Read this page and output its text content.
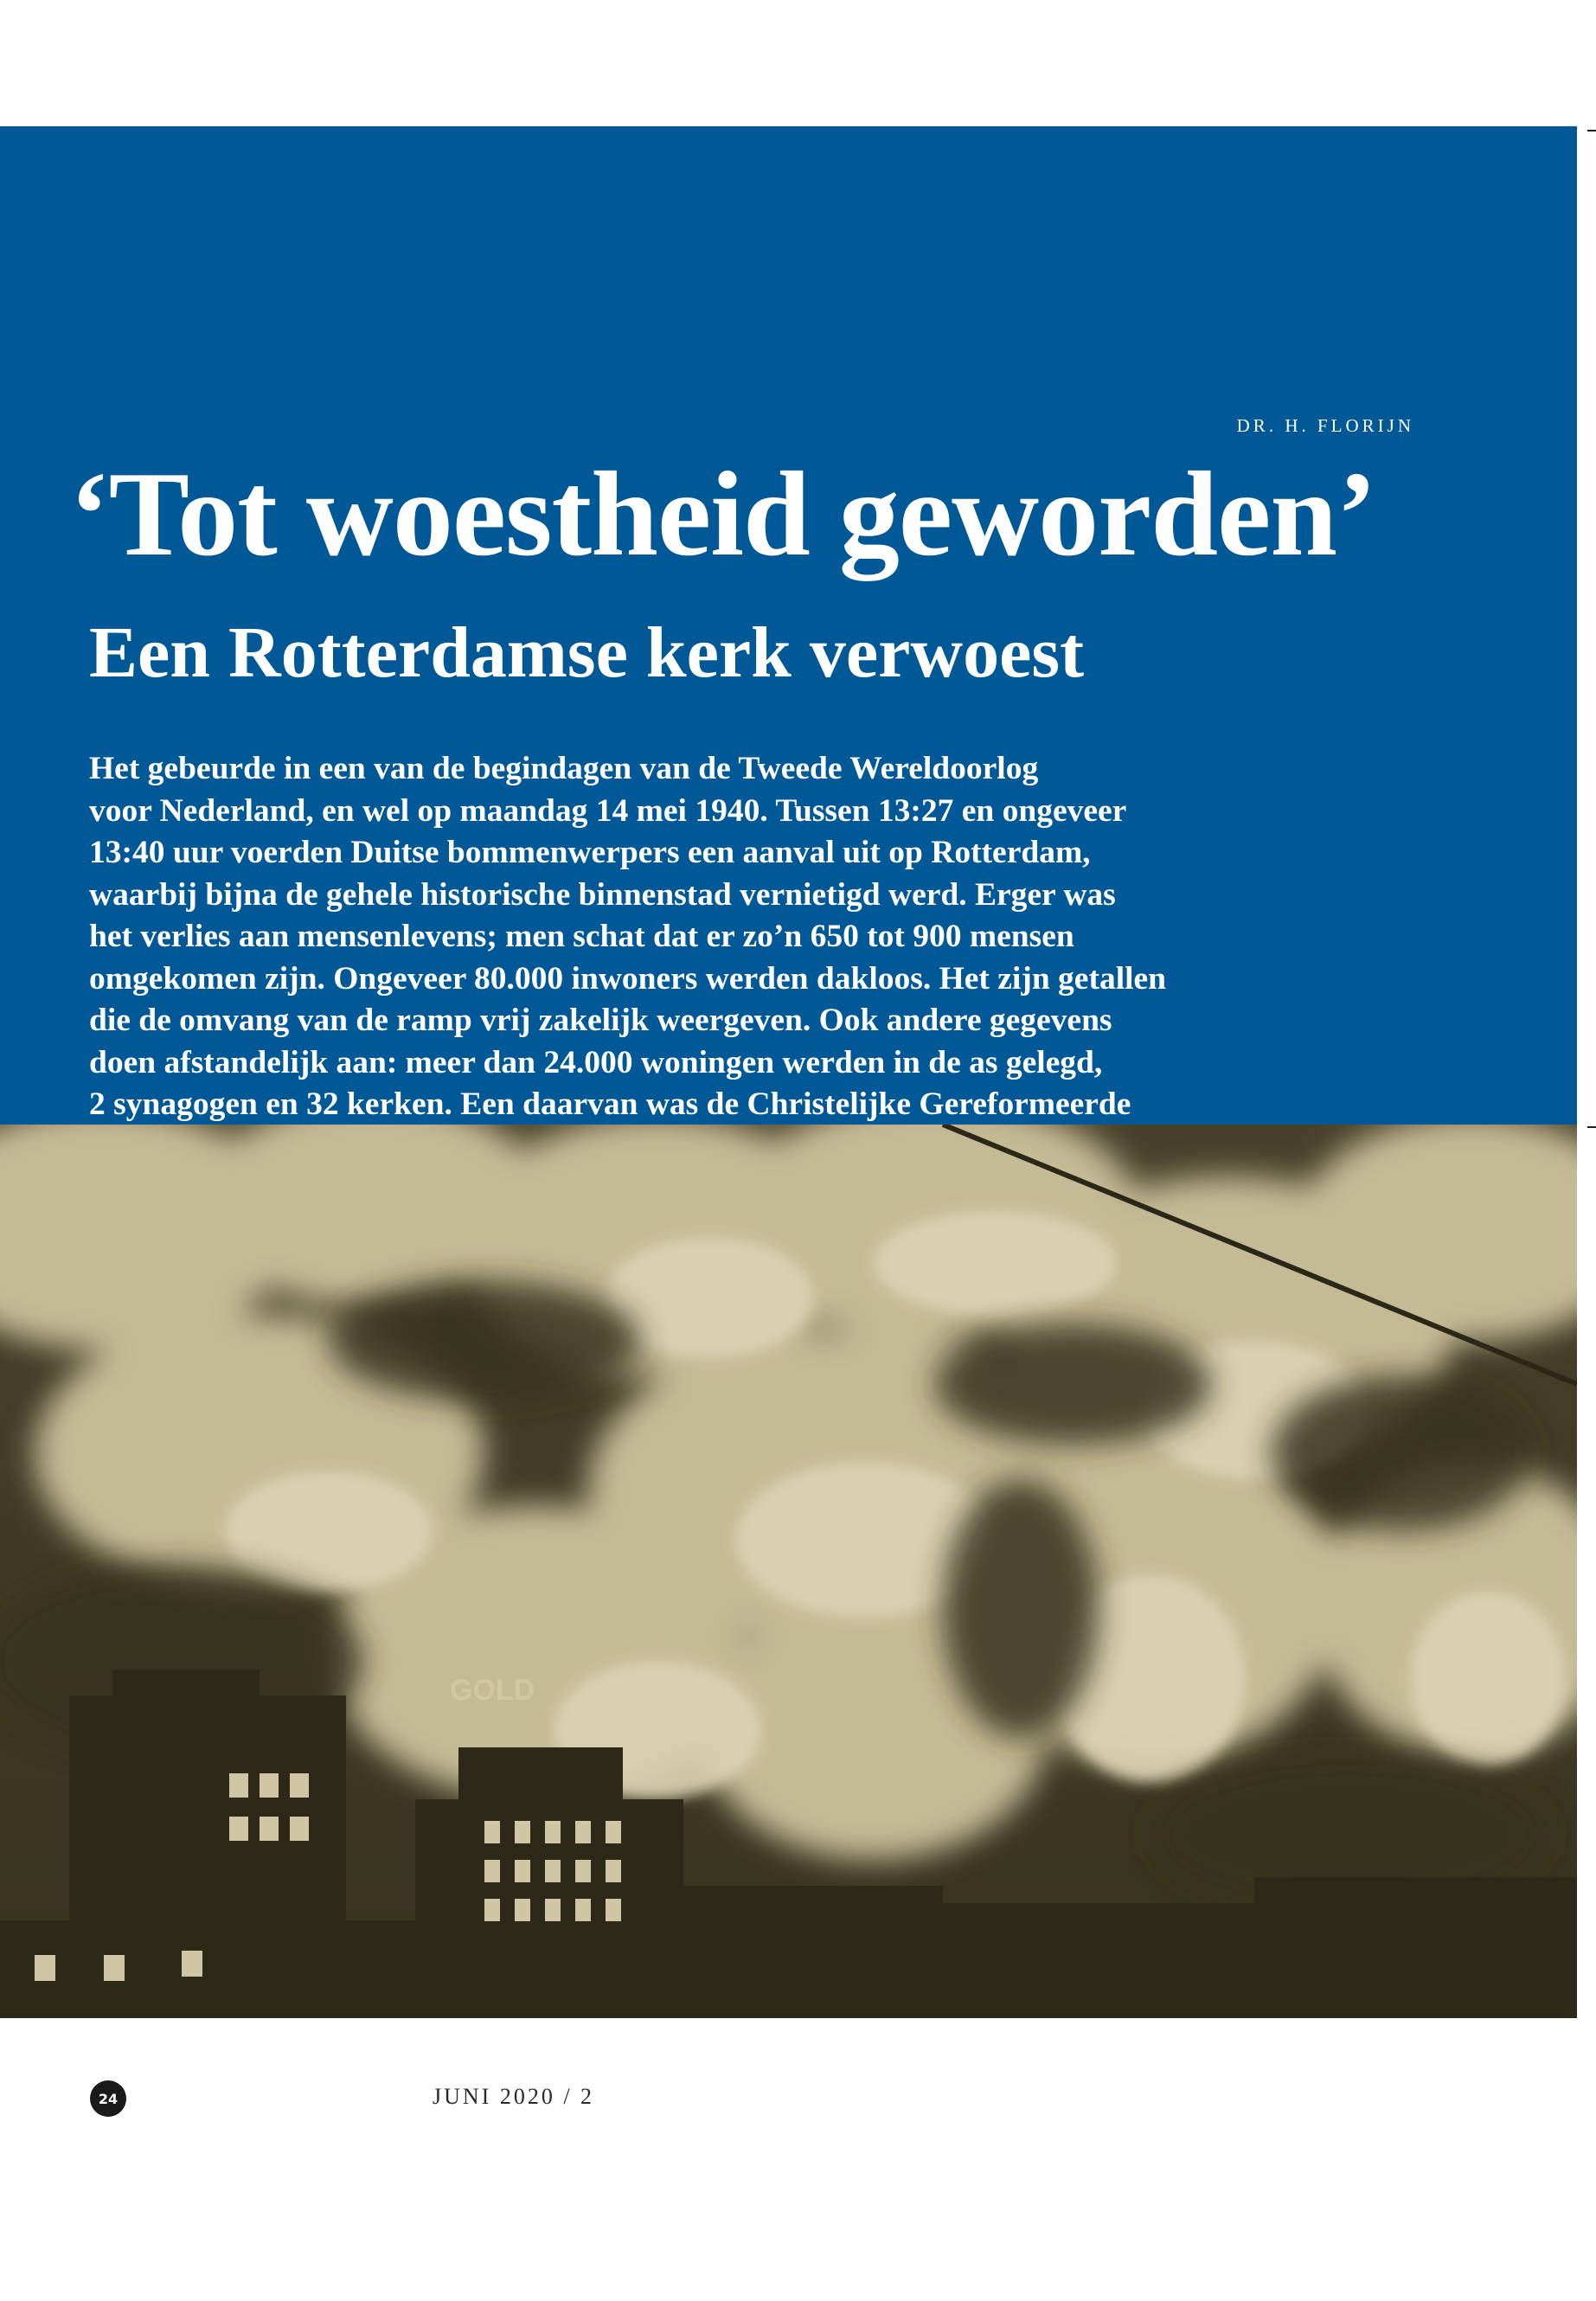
DR. H. FLORIJN
‘Tot woestheid geworden’
Een Rotterdamse kerk verwoest

Het gebeurde in een van de begindagen van de Tweede Wereldoorlog
voor Nederland, en wel op maandag 14 mei 1940. Tussen 13:27 en ongeveer
13:40 uur voerden Duitse bommenwerpers een aanval uit op Rotterdam,
waarbij bijna de gehele historische binnenstad vernietigd werd. Erger was
het verlies aan mensenlevens; men schat dat er zo’n 650 tot 900 mensen
omgekomen zijn. Ongeveer 80.000 inwoners werden dakloos. Het zijn getallen
die de omvang van de ramp vrij zakelijk weergeven. Ook andere gegevens
doen afstandelijk aan: meer dan 24.000 woningen werden in de as gelegd,
2 synagogen en 32 kerken. Een daarvan was de Christelijke Gereformeerde

GOLD
24	JUNI 2020 / 2
